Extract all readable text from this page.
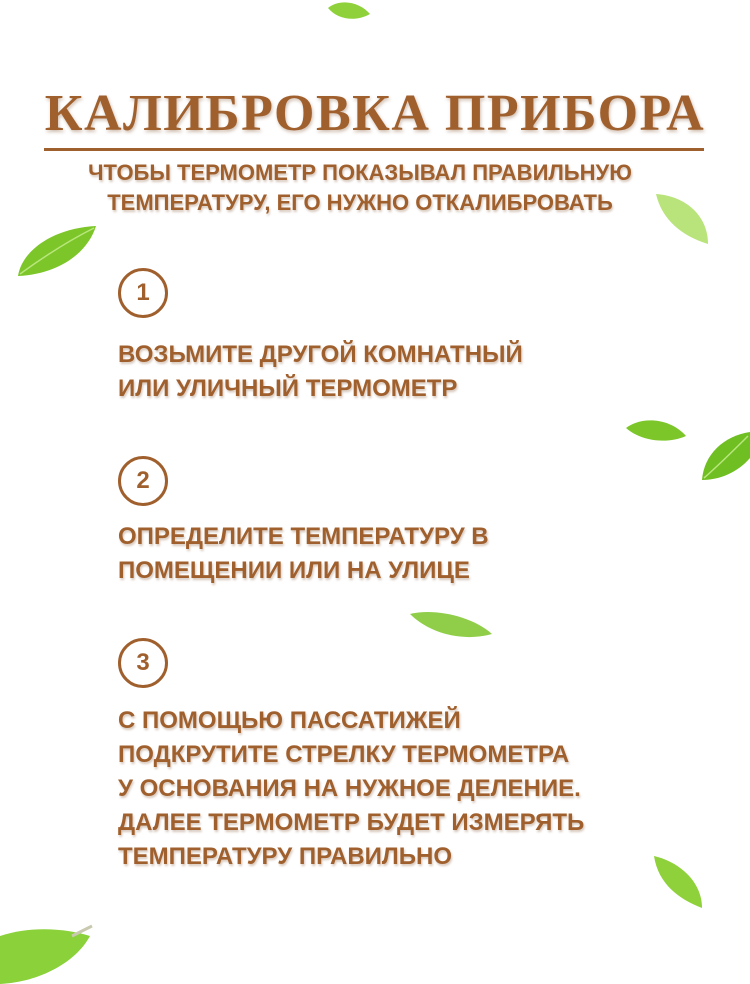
КАЛИБРОВКА ПРИБОРА
ЧТОБЫ ТЕРМОМЕТР ПОКАЗЫВАЛ ПРАВИЛЬНУЮ
ТЕМПЕРАТУРУ, ЕГО НУЖНО ОТКАЛИБРОВАТЬ
1
ВОЗЬМИТЕ ДРУГОЙ КОМНАТНЫЙ
ИЛИ УЛИЧНЫЙ ТЕРМОМЕТР
2
ОПРЕДЕЛИТЕ ТЕМПЕРАТУРУ В
ПОМЕЩЕНИИ ИЛИ НА УЛИЦЕ
3
С ПОМОЩЬЮ ПАССАТИЖЕЙ
ПОДКРУТИТЕ СТРЕЛКУ ТЕРМОМЕТРА
У ОСНОВАНИЯ НА НУЖНОЕ ДЕЛЕНИЕ.
ДАЛЕЕ ТЕРМОМЕТР БУДЕТ ИЗМЕРЯТЬ
ТЕМПЕРАТУРУ ПРАВИЛЬНО
